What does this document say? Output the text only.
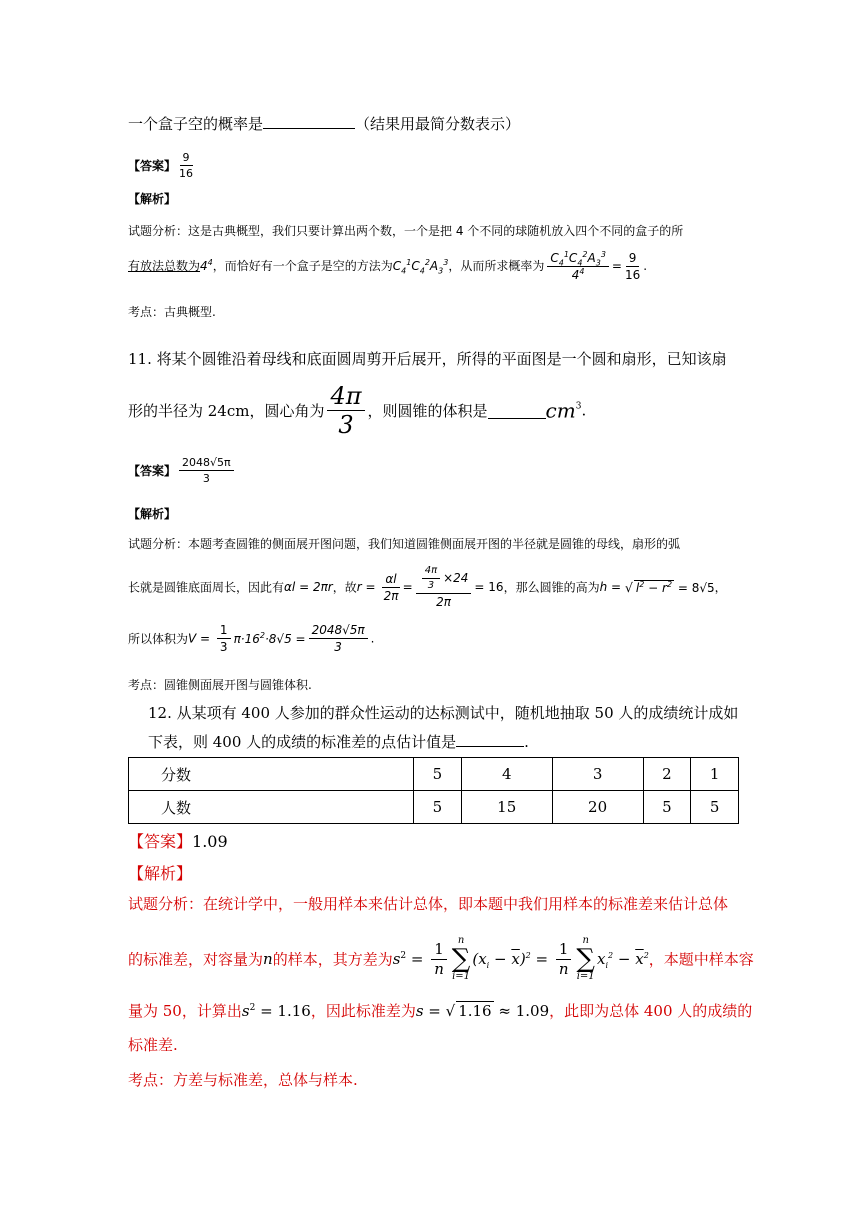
一个盒子空的概率是	（结果用最简分数表示）
【答案】 $\frac{9}{16}$
【解析】
试题分析：这是古典概型，我们只要计算出两个数，一个是把 4 个不同的球随机放入四个不同的盒子的所
有放法总数为$4^4$，而恰好有一个盒子是空的方法为$C_4^1C_4^2A_3^3$，从而所求概率为 $\frac{C_4^1C_4^2A_3^3}{4^4} = \frac{9}{16}$ .
考点：古典概型.
11. 将某个圆锥沿着母线和底面圆周剪开后展开，所得的平面图是一个圆和扇形，已知该扇
形的半径为 24cm，圆心角为 $\frac{4\pi}{3}$ ，则圆锥的体积是	$cm^3$.
【答案】 $\frac{2048√5\pi}{3}$
【解析】
试题分析：本题考查圆锥的侧面展开图问题，我们知道圆锥侧面展开图的半径就是圆锥的母线，扇形的弧
长就是圆锥底面周长，因此有αl = 2πr，故$r = \frac{\alpha l}{2\pi} = \frac{\frac{4\pi}{3} \times 24}{2\pi} = 16$，那么圆锥的高为h = √ $l^2 - r^2 = 8√5$，
所以体积为$V = \frac{1}{3} \pi\cdot 16^2\cdot 8√5 = \frac{2048√5\pi}{3}$ .
考点：圆锥侧面展开图与圆锥体积.
12. 从某项有 400 人参加的群众性运动的达标测试中，随机地抽取 50 人的成绩统计成如
下表，则 400 人的成绩的标准差的点估计值是	.
分数	5	4	3	2	1
人数	5	15	20	5	5
【答案】1.09
【解析】
试题分析：在统计学中，一般用样本来估计总体，即本题中我们用样本的标准差来估计总体
的标准差，对容量为n的样本，其方差为$s^2 = \frac{1}{n}$
n
∑
i=1
$(x_i - \overline{x})^2 = \frac{1}{n}$
n
∑
i=1
$x_i^2 - \overline{x}^2$，本题中样本容
量为 50，计算出$s^2 = 1.16$，因此标准差为s = √ 1.16 ≈ 1.09，此即为总体 400 人的成绩的
标准差.
考点：方差与标准差，总体与样本.
